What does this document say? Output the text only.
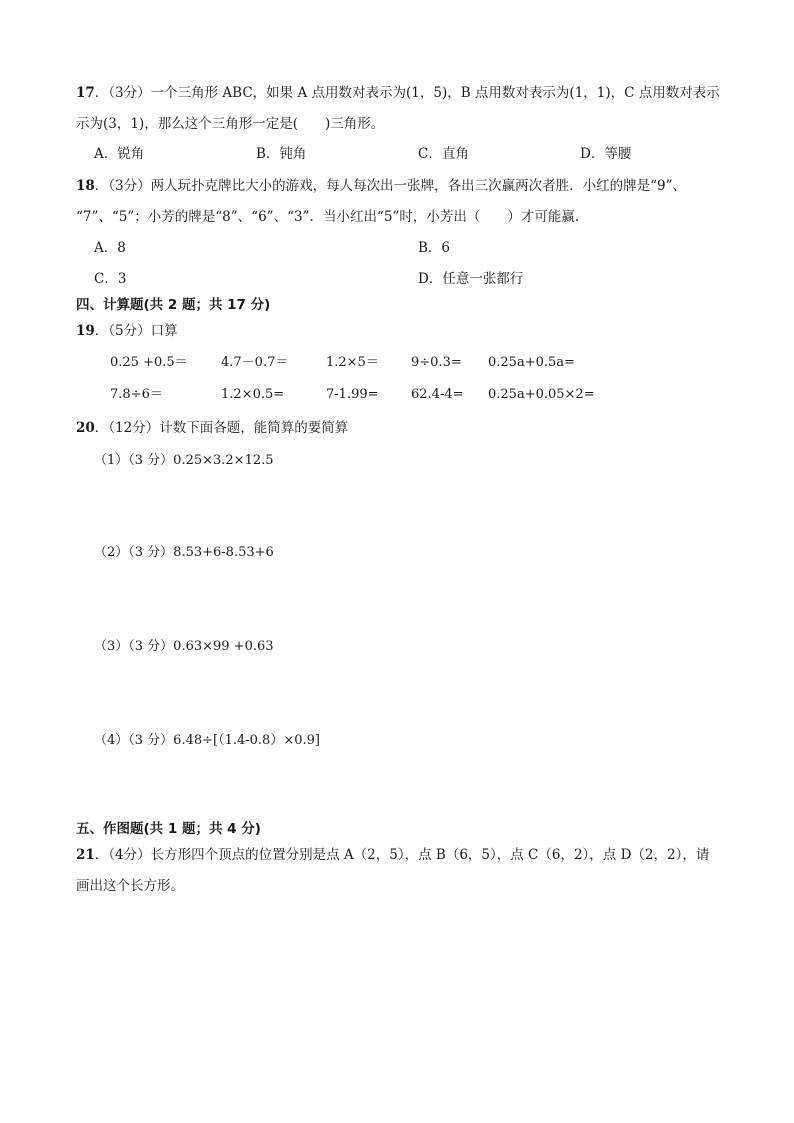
17．（3分）一个三角形 ABC，如果 A 点用数对表示为(1，5)，B 点用数对表示为(1，1)，C 点用数对表示
示为(3，1)，那么这个三角形一定是(　　)三角形。
A．锐角	B．钝角	C．直角	D．等腰
18．（3分）两人玩扑克牌比大小的游戏，每人每次出一张牌，各出三次赢两次者胜．小红的牌是“9”、
“7”、“5”；小芳的牌是“8”、“6”、“3”．当小红出“5”时，小芳出（　　）才可能赢．
A．8	B．6
C．3	D．任意一张都行
四、计算题(共 2 题；共 17 分)
19．（5分）口算
0.25 +0.5＝	4.7－0.7＝	1.2×5＝ 9÷0.3= 0.25a+0.5a=
7.8÷6＝	1.2×0.5=	7-1.99= 62.4-4= 0.25a+0.05×2=
20．（12分）计数下面各题，能简算的要简算
（1）（3 分）0.25×3.2×12.5
（2）（3 分）8.53+6-8.53+6
（3）（3 分）0.63×99 +0.63
（4）（3 分）6.48÷[（1.4-0.8）×0.9]
五、作图题(共 1 题；共 4 分)
21．（4分）长方形四个顶点的位置分别是点 A（2，5），点 B（6，5），点 C（6，2），点 D（2，2），请
画出这个长方形。
